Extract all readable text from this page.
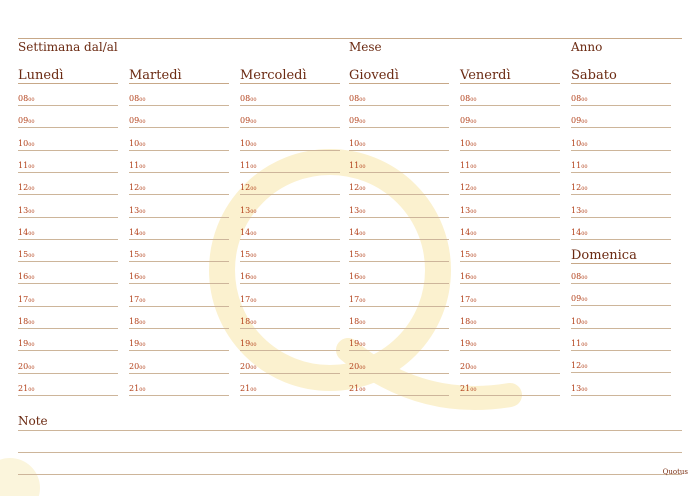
Settimana dal/al	Mese	Anno
Lunedì
0800
0900
1000
1100
1200
1300
1400
1500
1600
1700
1800
1900
2000
2100
Martedì
0800
0900
1000
1100
1200
1300
1400
1500
1600
1700
1800
1900
2000
2100
Mercoledì
0800
0900
1000
1100
1200
1300
1400
1500
1600
1700
1800
1900
2000
2100
Giovedì
0800
0900
1000
1100
1200
1300
1400
1500
1600
1700
1800
1900
2000
2100
Venerdì
0800
0900
1000
1100
1200
1300
1400
1500
1600
1700
1800
1900
2000
2100
Sabato
0800
0900
1000
1100
1200
1300
1400
Domenica
0800
0900
1000
1100
1200
1300
Note
Quotus
